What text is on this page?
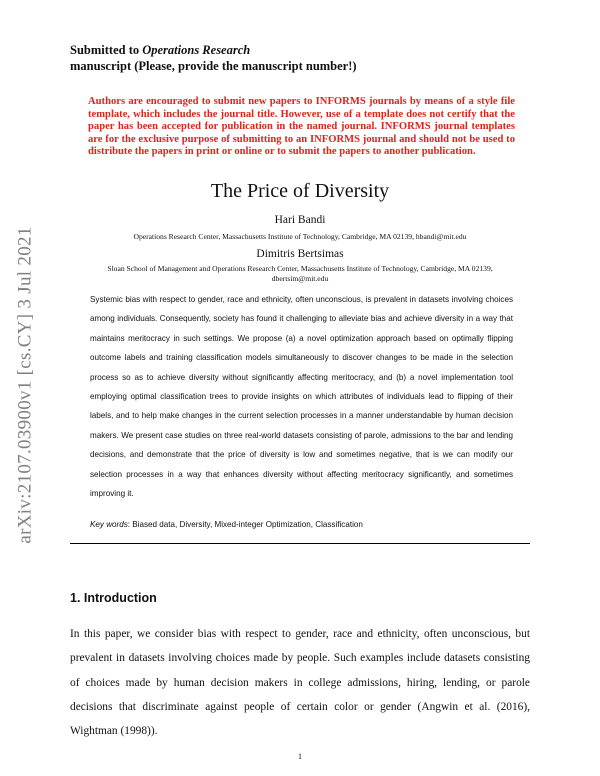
arXiv:2107.03900v1 [cs.CY] 3 Jul 2021
Submitted to Operations Research
manuscript (Please, provide the manuscript number!)
Authors are encouraged to submit new papers to INFORMS journals by means of a style file template, which includes the journal title. However, use of a template does not certify that the paper has been accepted for publication in the named journal. INFORMS journal templates are for the exclusive purpose of submitting to an INFORMS journal and should not be used to distribute the papers in print or online or to submit the papers to another publication.
The Price of Diversity
Hari Bandi
Operations Research Center, Massachusetts Institute of Technology, Cambridge, MA 02139, hbandi@mit.edu
Dimitris Bertsimas
Sloan School of Management and Operations Research Center, Massachusetts Institute of Technology, Cambridge, MA 02139,
dbertsim@mit.edu
Systemic bias with respect to gender, race and ethnicity, often unconscious, is prevalent in datasets involving choices among individuals. Consequently, society has found it challenging to alleviate bias and achieve diversity in a way that maintains meritocracy in such settings. We propose (a) a novel optimization approach based on optimally flipping outcome labels and training classification models simultaneously to discover changes to be made in the selection process so as to achieve diversity without significantly affecting meritocracy, and (b) a novel implementation tool employing optimal classification trees to provide insights on which attributes of individuals lead to flipping of their labels, and to help make changes in the current selection processes in a manner understandable by human decision makers. We present case studies on three real-world datasets consisting of parole, admissions to the bar and lending decisions, and demonstrate that the price of diversity is low and sometimes negative, that is we can modify our selection processes in a way that enhances diversity without affecting meritocracy significantly, and sometimes improving it.
Key words: Biased data, Diversity, Mixed-integer Optimization, Classification
1. Introduction
In this paper, we consider bias with respect to gender, race and ethnicity, often unconscious, but prevalent in datasets involving choices made by people. Such examples include datasets consisting of choices made by human decision makers in college admissions, hiring, lending, or parole decisions that discriminate against people of certain color or gender (Angwin et al. (2016), Wightman (1998)).
1
